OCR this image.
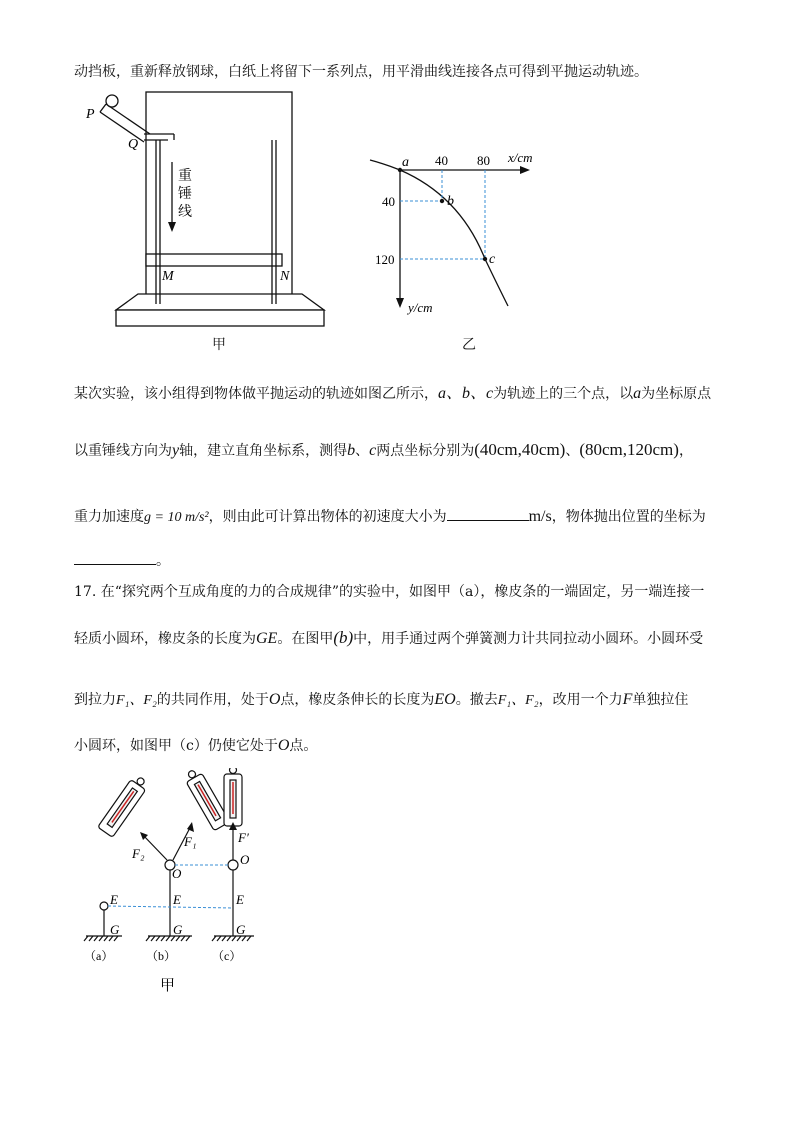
动挡板，重新释放钢球，白纸上将留下一系列点，用平滑曲线连接各点可得到平抛运动轨迹。
P
Q
M	N
重
锤
线
甲
a
b
c
40 80 x/cm
40
120
y/cm
乙
某次实验，该小组得到物体做平抛运动的轨迹如图乙所示，a、b、c为轨迹上的三个点，以a为坐标原点
以重锤线方向为y轴，建立直角坐标系，测得b、c两点坐标分别为(40cm,40cm)、(80cm,120cm)，
重力加速度g = 10 m/s²，则由此可计算出物体的初速度大小为	m/s，物体抛出位置的坐标为
。
17. 在“探究两个互成角度的力的合成规律”的实验中，如图甲（a），橡皮条的一端固定，另一端连接一
轻质小圆环，橡皮条的长度为GE。在图甲(b)中，用手通过两个弹簧测力计共同拉动小圆环。小圆环受
到拉力F₁、F₂的共同作用，处于O点，橡皮条伸长的长度为EO。撤去F₁、F₂，改用一个力F单独拉住
小圆环，如图甲（c）仍使它处于O点。
E
G
E
G
O
E
G
O
F₁
F₂
F′
（a）	（b）	（c）
甲
